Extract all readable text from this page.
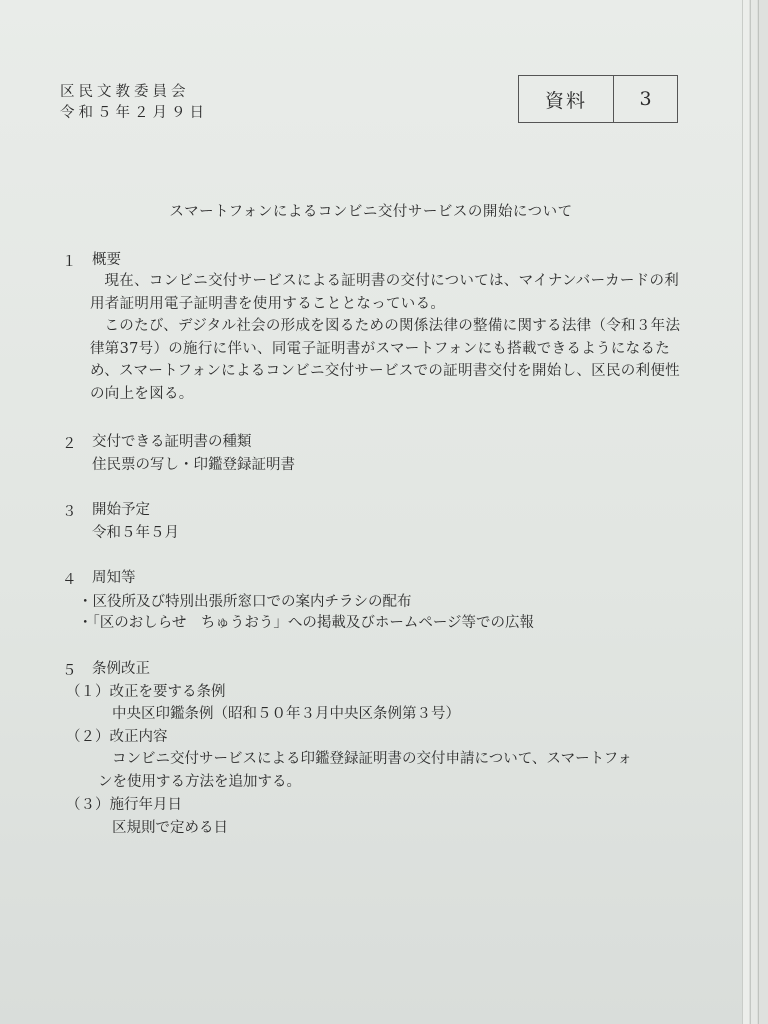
区民文教委員会
令和５年２月９日
資料	3
スマートフォンによるコンビニ交付サービスの開始について
１ 概要

現在、コンビニ交付サービスによる証明書の交付については、マイナンバーカードの利用者証明用電子証明書を使用することとなっている。

このたび、デジタル社会の形成を図るための関係法律の整備に関する法律（令和３年法律第37号）の施行に伴い、同電子証明書がスマートフォンにも搭載できるようになるため、スマートフォンによるコンビニ交付サービスでの証明書交付を開始し、区民の利便性の向上を図る。

２ 交付できる証明書の種類
住民票の写し・印鑑登録証明書
３ 開始予定
令和５年５月
４ 周知等
・区役所及び特別出張所窓口での案内チラシの配布
・「区のおしらせ　ちゅうおう」への掲載及びホームページ等での広報
５ 条例改正
（１）改正を要する条例
中央区印鑑条例（昭和５０年３月中央区条例第３号）
（２）改正内容
コンビニ交付サービスによる印鑑登録証明書の交付申請について、スマートフォ
ンを使用する方法を追加する。
（３）施行年月日
区規則で定める日
